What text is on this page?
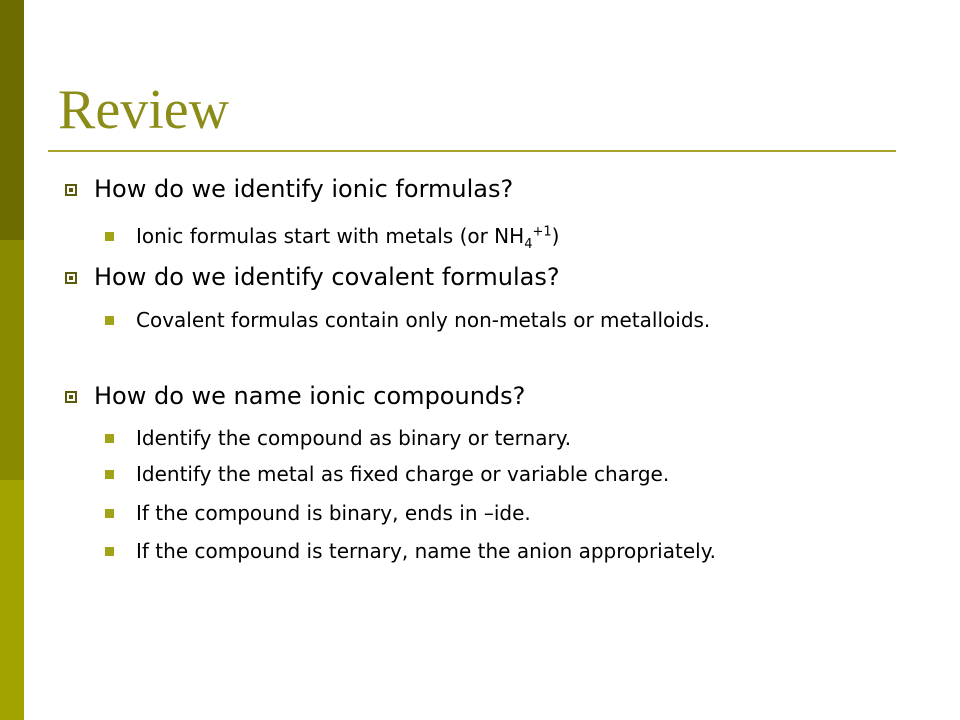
Review
How do we identify ionic formulas?
Ionic formulas start with metals (or $NH_4^{+1}$)
How do we identify covalent formulas?
Covalent formulas contain only non-metals or metalloids.
How do we name ionic compounds?
Identify the compound as binary or ternary.
Identify the metal as fixed charge or variable charge.
If the compound is binary, ends in –ide.
If the compound is ternary, name the anion appropriately.
